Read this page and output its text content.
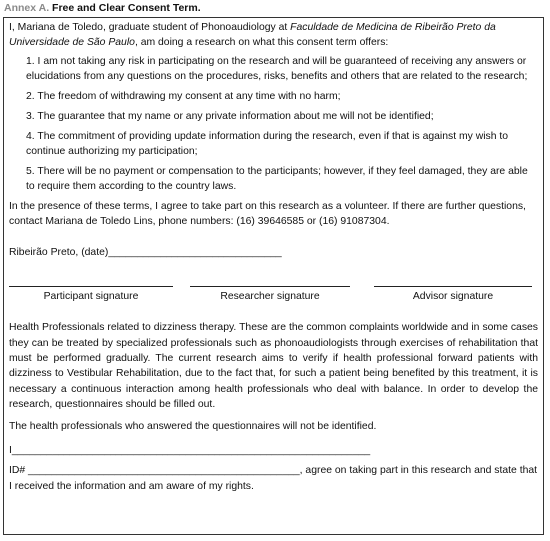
Annex A. Free and Clear Consent Term.

I, Mariana de Toledo, graduate student of Phonoaudiology at Faculdade de Medicina de Ribeirão Preto da Universidade de São Paulo, am doing a research on what this consent term offers:

1. I am not taking any risk in participating on the research and will be guaranteed of receiving any answers or elucidations from any questions on the procedures, risks, benefits and others that are related to the research;
2. The freedom of withdrawing my consent at any time with no harm;
3. The guarantee that my name or any private information about me will not be identified;
4. The commitment of providing update information during the research, even if that is against my wish to continue authorizing my participation;
5. There will be no payment or compensation to the participants; however, if they feel damaged, they are able to require them according to the country laws.

In the presence of these terms, I agree to take part on this research as a volunteer. If there are further questions, contact Mariana de Toledo Lins, phone numbers: (16) 39646585 or (16) 91087304.

Ribeirão Preto, (date)______________________________

Participant signature	Researcher signature	Advisor signature

Health Professionals related to dizziness therapy. These are the common complaints worldwide and in some cases they can be treated by specialized professionals such as phonoaudiologists through exercises of rehabilitation that must be performed gradually. The current research aims to verify if health professional forward patients with dizziness to Vestibular Rehabilitation, due to the fact that, for such a patient being benefited by this treatment, it is necessary a continuous interaction among health professionals who deal with balance. In order to develop the research, questionnaires should be filled out.

The health professionals who answered the questionnaires will not be identified.

I______________________________________________________________

ID# _______________________________________________, agree on taking part in this research and state that I received the information and am aware of my rights.
